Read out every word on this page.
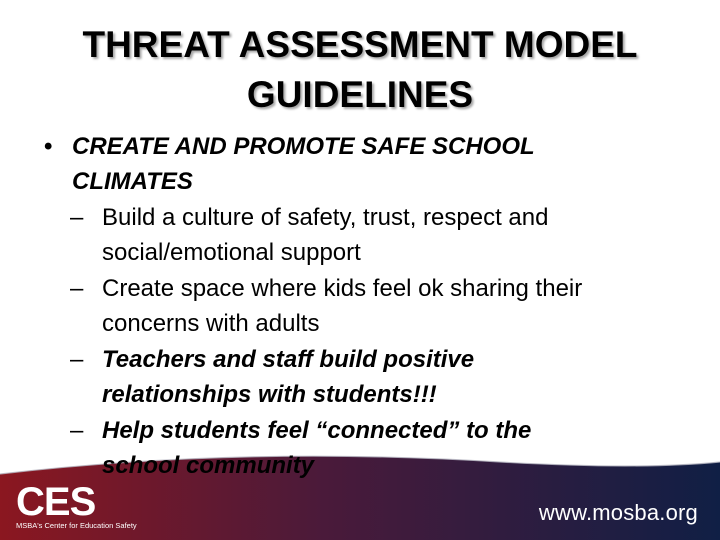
THREAT ASSESSMENT MODEL
GUIDELINES
• CREATE AND PROMOTE SAFE SCHOOL
CLIMATES
– Build a culture of safety, trust, respect and
social/emotional support
– Create space where kids feel ok sharing their
concerns with adults
– Teachers and staff build positive
relationships with students!!!
– Help students feel “connected” to the
school community
CES
MSBA's Center for Education Safety
www.mosba.org
